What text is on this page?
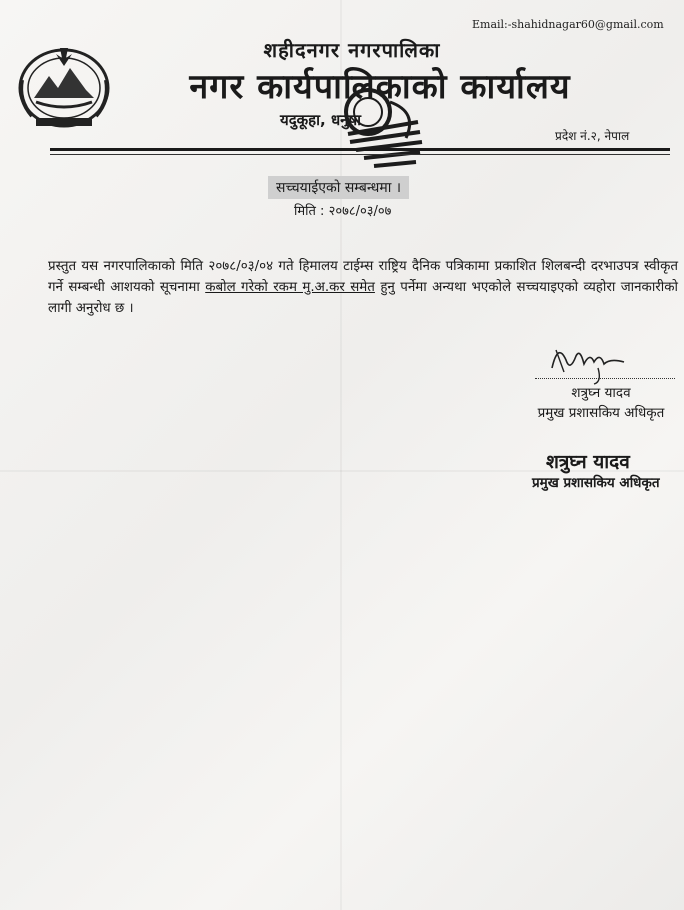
Email:-shahidnagar60@gmail.com
शहीदनगर नगरपालिका
नगर कार्यपालिकाको कार्यालय
यदुकूहा, धनुषा
प्रदेश नं.२, नेपाल
सच्चयाईएको सम्बन्धमा ।
मिति : २०७८/०३/०७
प्रस्तुत यस नगरपालिकाको मिति २०७८/०३/०४ गते हिमालय टाईम्स राष्ट्रिय दैनिक पत्रिकामा प्रकाशित शिलबन्दी दरभाउपत्र स्वीकृत गर्ने सम्बन्धी आशयको सूचनामा कबोल गरेको रकम मु.अ.कर समेत हुनु पर्नेमा अन्यथा भएकोले सच्चयाइएको व्यहोरा जानकारीको लागी अनुरोध छ ।
शत्रुघ्न यादव
प्रमुख प्रशासकिय अधिकृत
शत्रुघ्न यादव
प्रमुख प्रशासकिय अधिकृत
